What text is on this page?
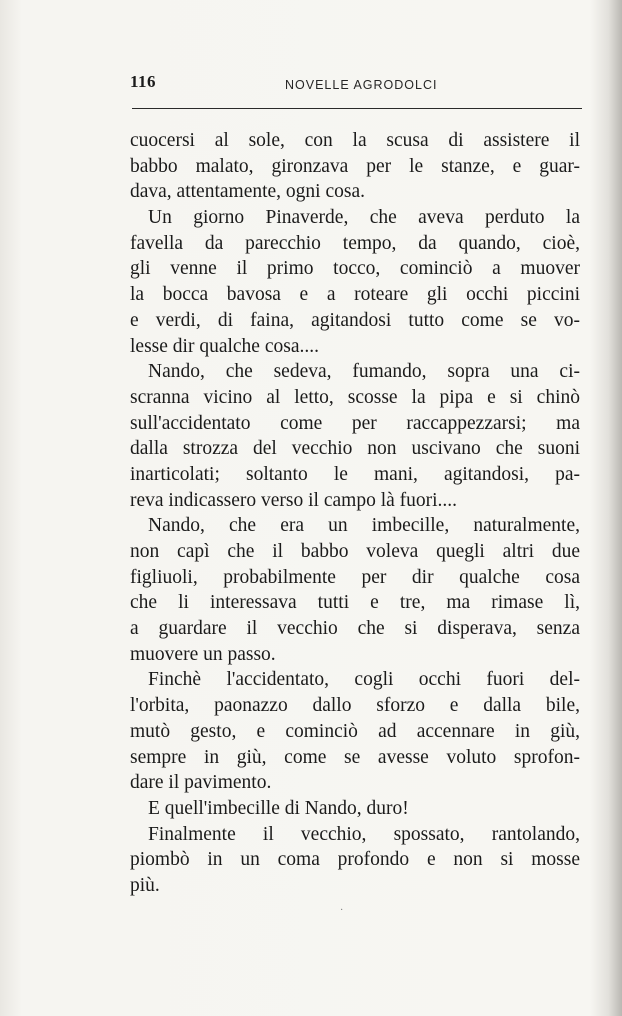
116	NOVELLE AGRODOLCI
cuocersi al sole, con la scusa di assistere il
babbo malato, gironzava per le stanze, e guar-
dava, attentamente, ogni cosa.
Un giorno Pinaverde, che aveva perduto la
favella da parecchio tempo, da quando, cioè,
gli venne il primo tocco, cominciò a muover
la bocca bavosa e a roteare gli occhi piccini
e verdi, di faina, agitandosi tutto come se vo-
lesse dir qualche cosa....
Nando, che sedeva, fumando, sopra una ci-
scranna vicino al letto, scosse la pipa e si chinò
sull'accidentato come per raccappezzarsi; ma
dalla strozza del vecchio non uscivano che suoni
inarticolati; soltanto le mani, agitandosi, pa-
reva indicassero verso il campo là fuori....
Nando, che era un imbecille, naturalmente,
non capì che il babbo voleva quegli altri due
figliuoli, probabilmente per dir qualche cosa
che li interessava tutti e tre, ma rimase lì,
a guardare il vecchio che si disperava, senza
muovere un passo.
Finchè l'accidentato, cogli occhi fuori del-
l'orbita, paonazzo dallo sforzo e dalla bile,
mutò gesto, e cominciò ad accennare in giù,
sempre in giù, come se avesse voluto sprofon-
dare il pavimento.
E quell'imbecille di Nando, duro!
Finalmente il vecchio, spossato, rantolando,
piombò in un coma profondo e non si mosse
più.
·
